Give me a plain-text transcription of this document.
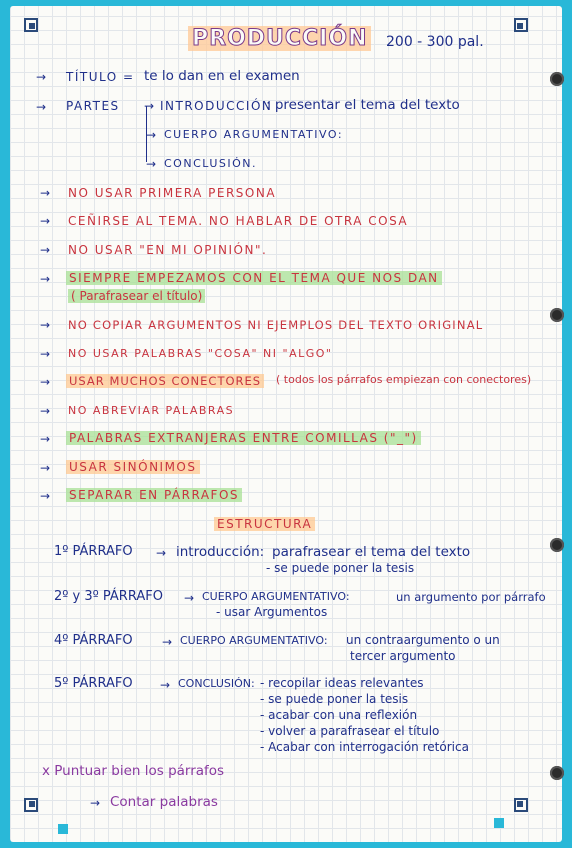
PRODUCCIÓN 200 - 300 pal.
→ TÍTULO = te lo dan en el examen
→ PARTES → INTRODUCCIÓN
: presentar el tema del texto
→ CUERPO ARGUMENTATIVO:
→ CONCLUSIÓN.
→ NO USAR PRIMERA PERSONA
→ CEÑIRSE AL TEMA. NO HABLAR DE OTRA COSA
→ NO USAR "EN MI OPINIÓN".
→ SIEMPRE EMPEZAMOS CON EL TEMA QUE NOS DAN
( Parafrasear el título)
→ NO COPIAR ARGUMENTOS NI EJEMPLOS DEL TEXTO ORIGINAL
→ NO USAR PALABRAS "COSA" NI "ALGO"
→ USAR MUCHOS CONECTORES ( todos los párrafos empiezan con conectores)
→ NO ABREVIAR PALABRAS
→ PALABRAS EXTRANJERAS ENTRE COMILLAS ("_")
→ USAR SINÓNIMOS
→ SEPARAR EN PÁRRAFOS
ESTRUCTURA
1º PÁRRAFO → introducción: parafrasear el tema del texto
- se puede poner la tesis
2º y 3º PÁRRAFO → CUERPO ARGUMENTATIVO:	un argumento por párrafo
- usar Argumentos
4º PÁRRAFO → CUERPO ARGUMENTATIVO: un contraargumento o un
tercer argumento
5º PÁRRAFO → CONCLUSIÓN: - recopilar ideas relevantes
- se puede poner la tesis
- acabar con una reflexión
- volver a parafrasear el título
- Acabar con interrogación retórica
x Puntuar bien los párrafos
→ Contar palabras
